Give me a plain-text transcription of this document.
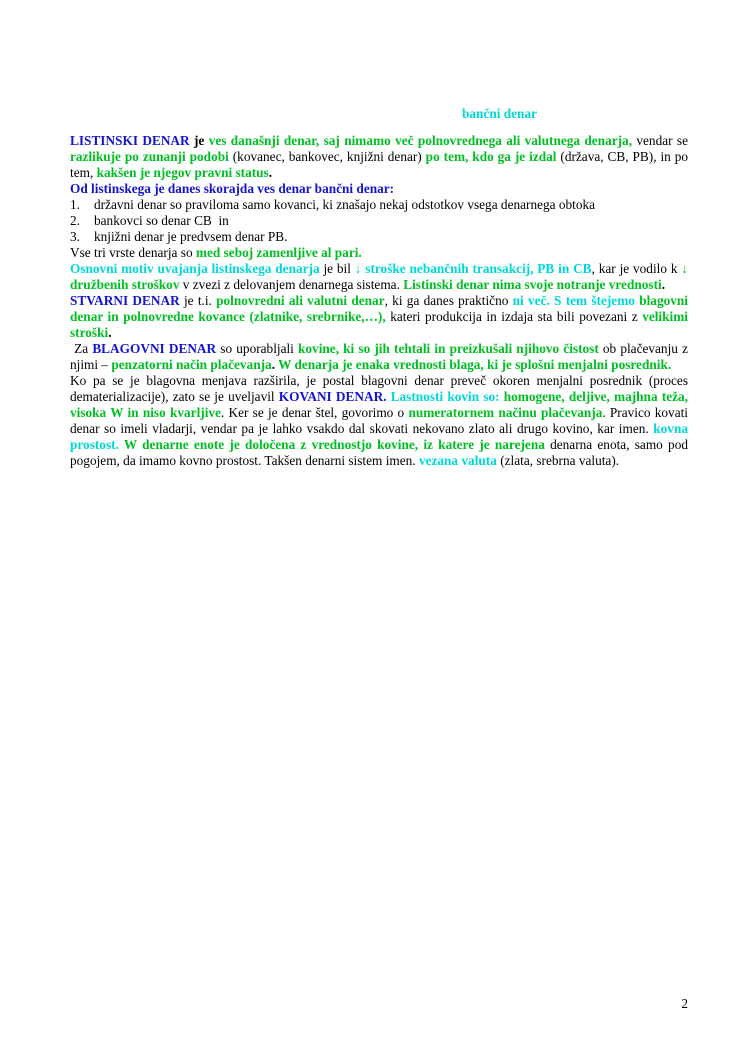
bančni denar

LISTINSKI DENAR je ves današnji denar, saj nimamo več polnovrednega ali valutnega denarja, vendar se razlikuje po zunanji podobi (kovanec, bankovec, knjižni denar) po tem, kdo ga je izdal (država, CB, PB), in po tem, kakšen je njegov pravni status.

Od listinskega je danes skorajda ves denar bančni denar:

1. državni denar so praviloma samo kovanci, ki znašajo nekaj odstotkov vsega denarnega obtoka

2. bankovci so denar CB  in

3. knjižni denar je predvsem denar PB.

Vse tri vrste denarja so med seboj zamenljive al pari.

Osnovni motiv uvajanja listinskega denarja je bil ↓ stroške nebančnih transakcij, PB in CB, kar je vodilo k ↓ družbenih stroškov v zvezi z delovanjem denarnega sistema. Listinski denar nima svoje notranje vrednosti.

STVARNI DENAR je t.i. polnovredni ali valutni denar, ki ga danes praktično ni več. S tem štejemo blagovni denar in polnovredne kovance (zlatnike, srebrnike,…), kateri produkcija in izdaja sta bili povezani z velikimi stroški.

Za BLAGOVNI DENAR so uporabljali kovine, ki so jih tehtali in preizkušali njihovo čistost ob plačevanju z njimi – penzatorni način plačevanja. W denarja je enaka vrednosti blaga, ki je splošni menjalni posrednik.

Ko pa se je blagovna menjava razširila, je postal blagovni denar preveč okoren menjalni posrednik (proces dematerializacije), zato se je uveljavil KOVANI DENAR. Lastnosti kovin so: homogene, deljive, majhna teža, visoka W in niso kvarljive. Ker se je denar štel, govorimo o numeratornem načinu plačevanja. Pravico kovati denar so imeli vladarji, vendar pa je lahko vsakdo dal skovati nekovano zlato ali drugo kovino, kar imen. kovna prostost. W denarne enote je določena z vrednostjo kovine, iz katere je narejena denarna enota, samo pod pogojem, da imamo kovno prostost. Takšen denarni sistem imen. vezana valuta (zlata, srebrna valuta).

2
